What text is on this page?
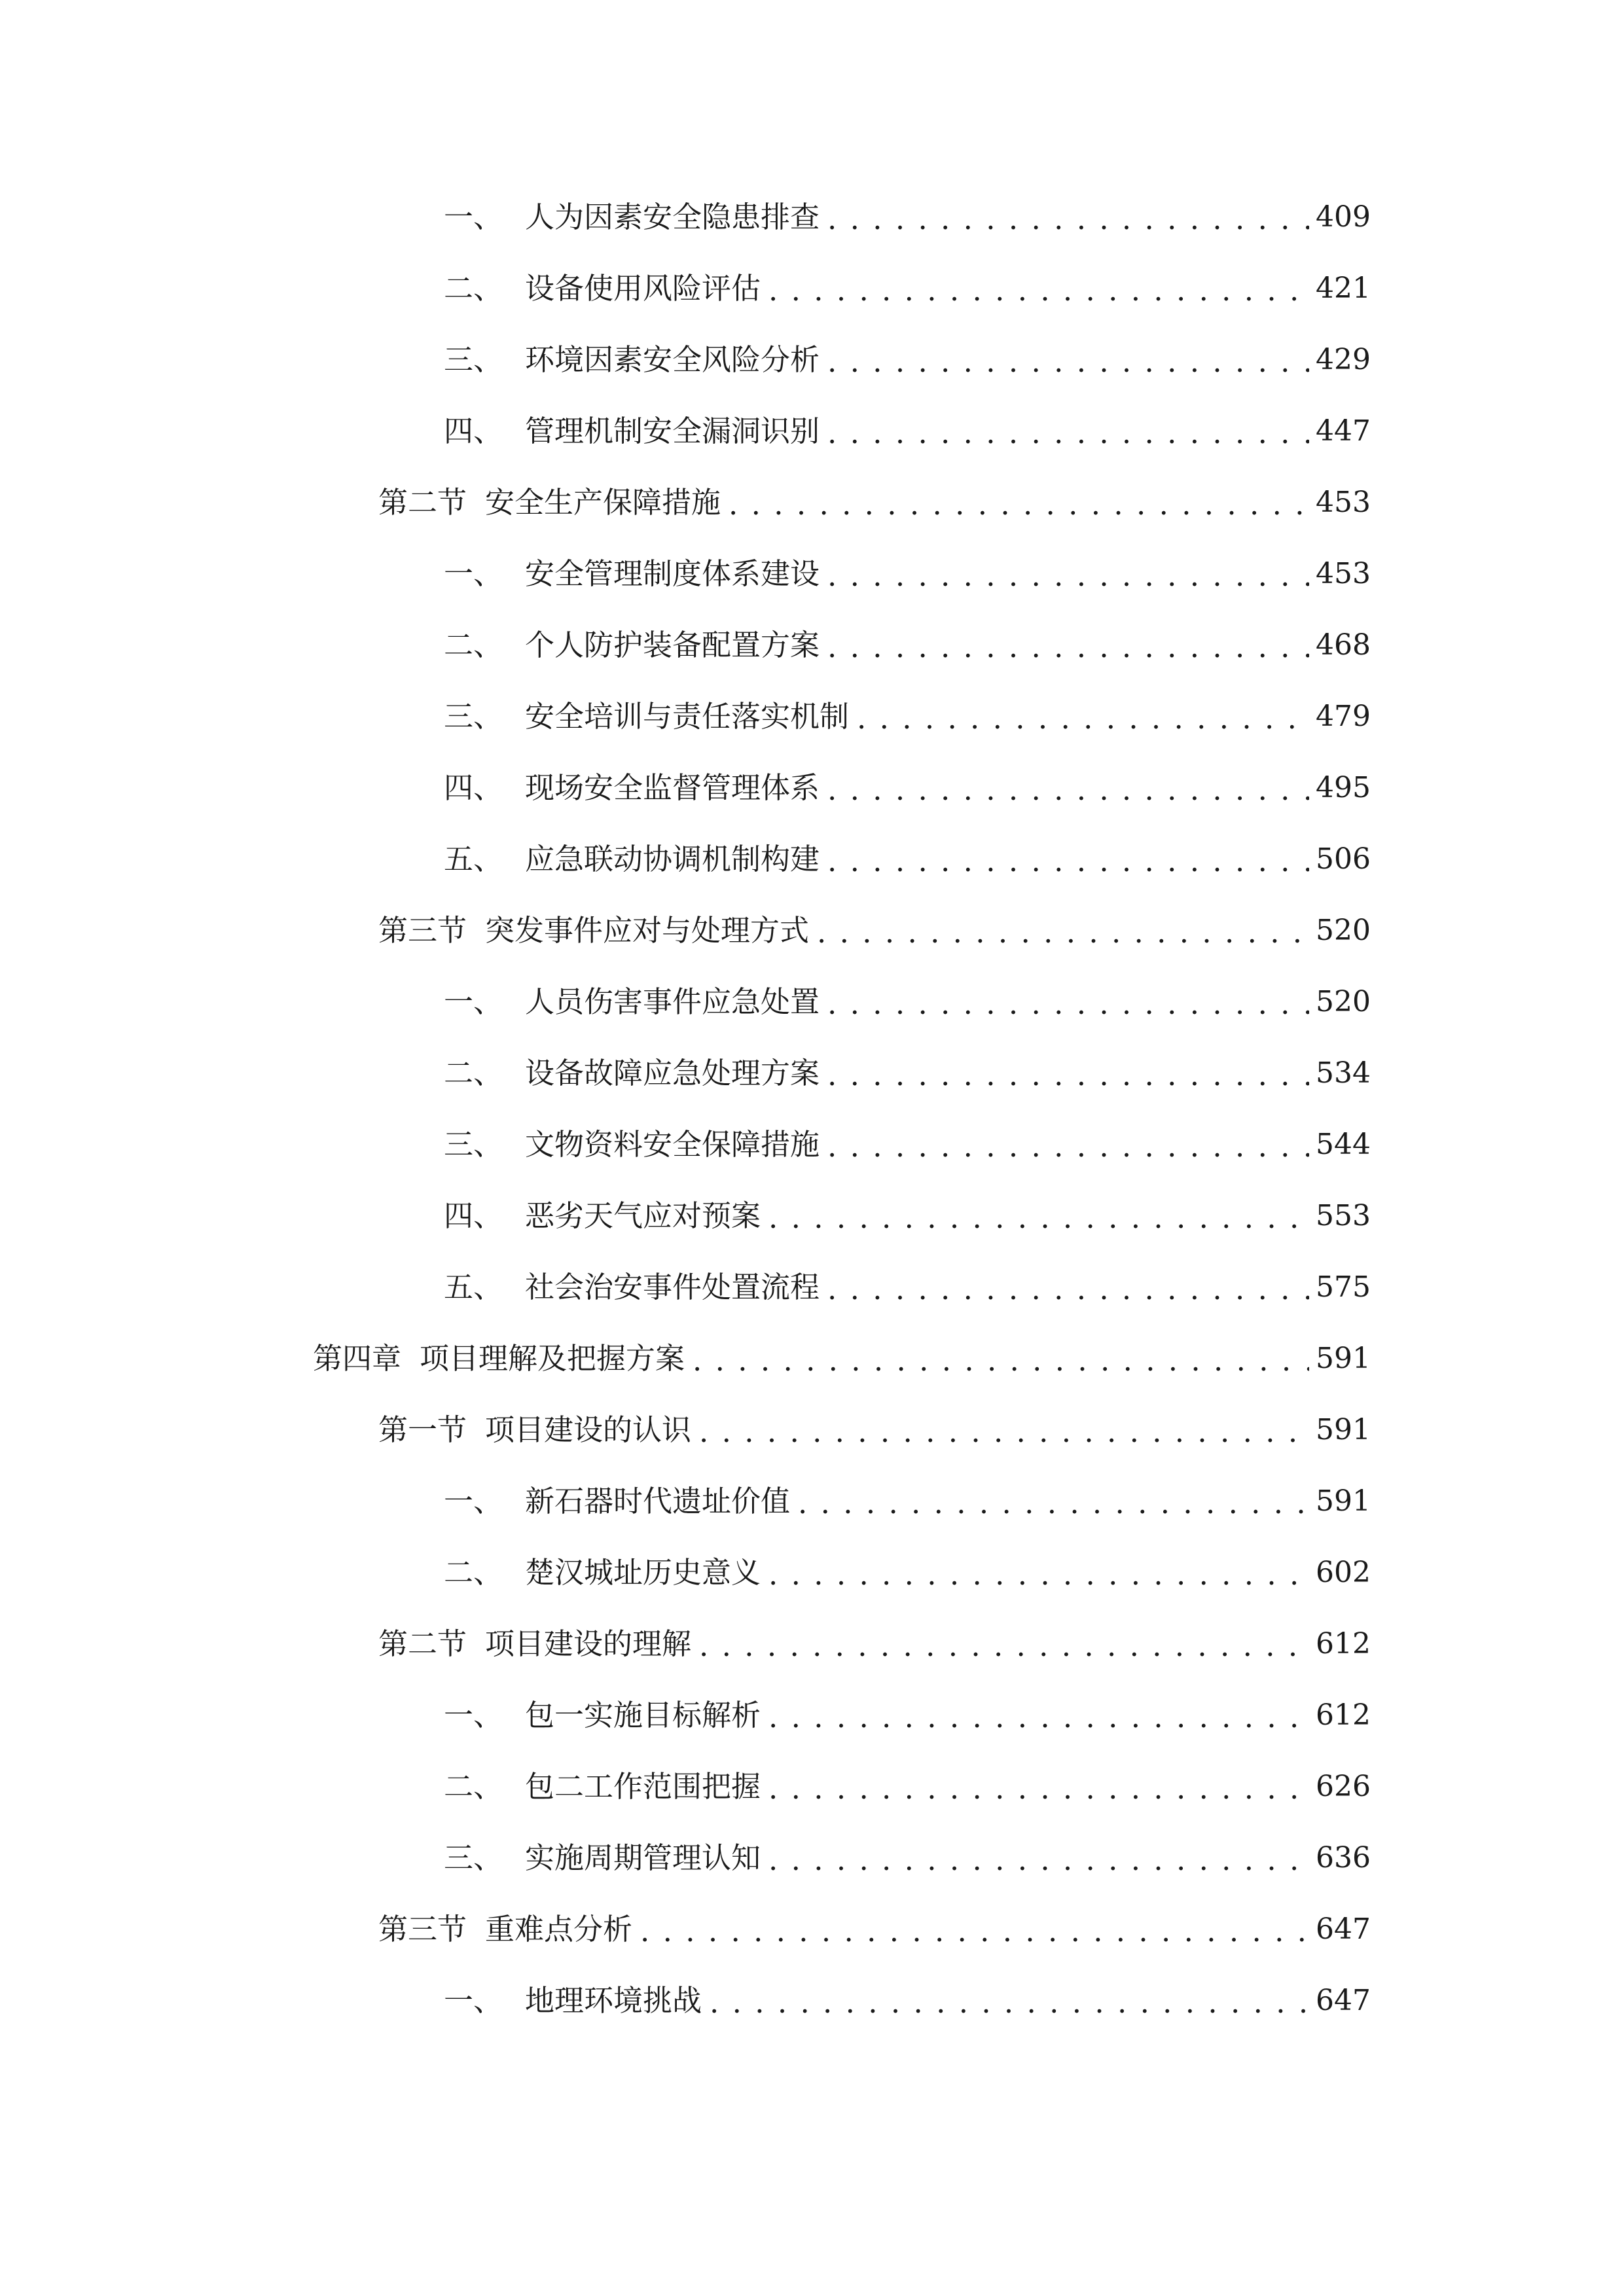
一、 人为因素安全隐患排查 . . .	409
二、 设备使用风险评估 . . .	421
三、 环境因素安全风险分析 . . .	429
四、 管理机制安全漏洞识别 . . .	447
第二节 安全生产保障措施 . . .	453
一、 安全管理制度体系建设 . . .	453
二、 个人防护装备配置方案 . . .	468
三、 安全培训与责任落实机制 . . .	479
四、 现场安全监督管理体系 . . .	495
五、 应急联动协调机制构建 . . .	506
第三节 突发事件应对与处理方式 . . .	520
一、 人员伤害事件应急处置 . . .	520
二、 设备故障应急处理方案 . . .	534
三、 文物资料安全保障措施 . . .	544
四、 恶劣天气应对预案 . . .	553
五、 社会治安事件处置流程 . . .	575
第四章 项目理解及把握方案 . . .	591
第一节 项目建设的认识 . . .	591
一、 新石器时代遗址价值 . . .	591
二、 楚汉城址历史意义 . . .	602
第二节 项目建设的理解 . . .	612
一、 包一实施目标解析 . . .	612
二、 包二工作范围把握 . . .	626
三、 实施周期管理认知 . . .	636
第三节 重难点分析 . . .	647
一、 地理环境挑战 . . .	647
